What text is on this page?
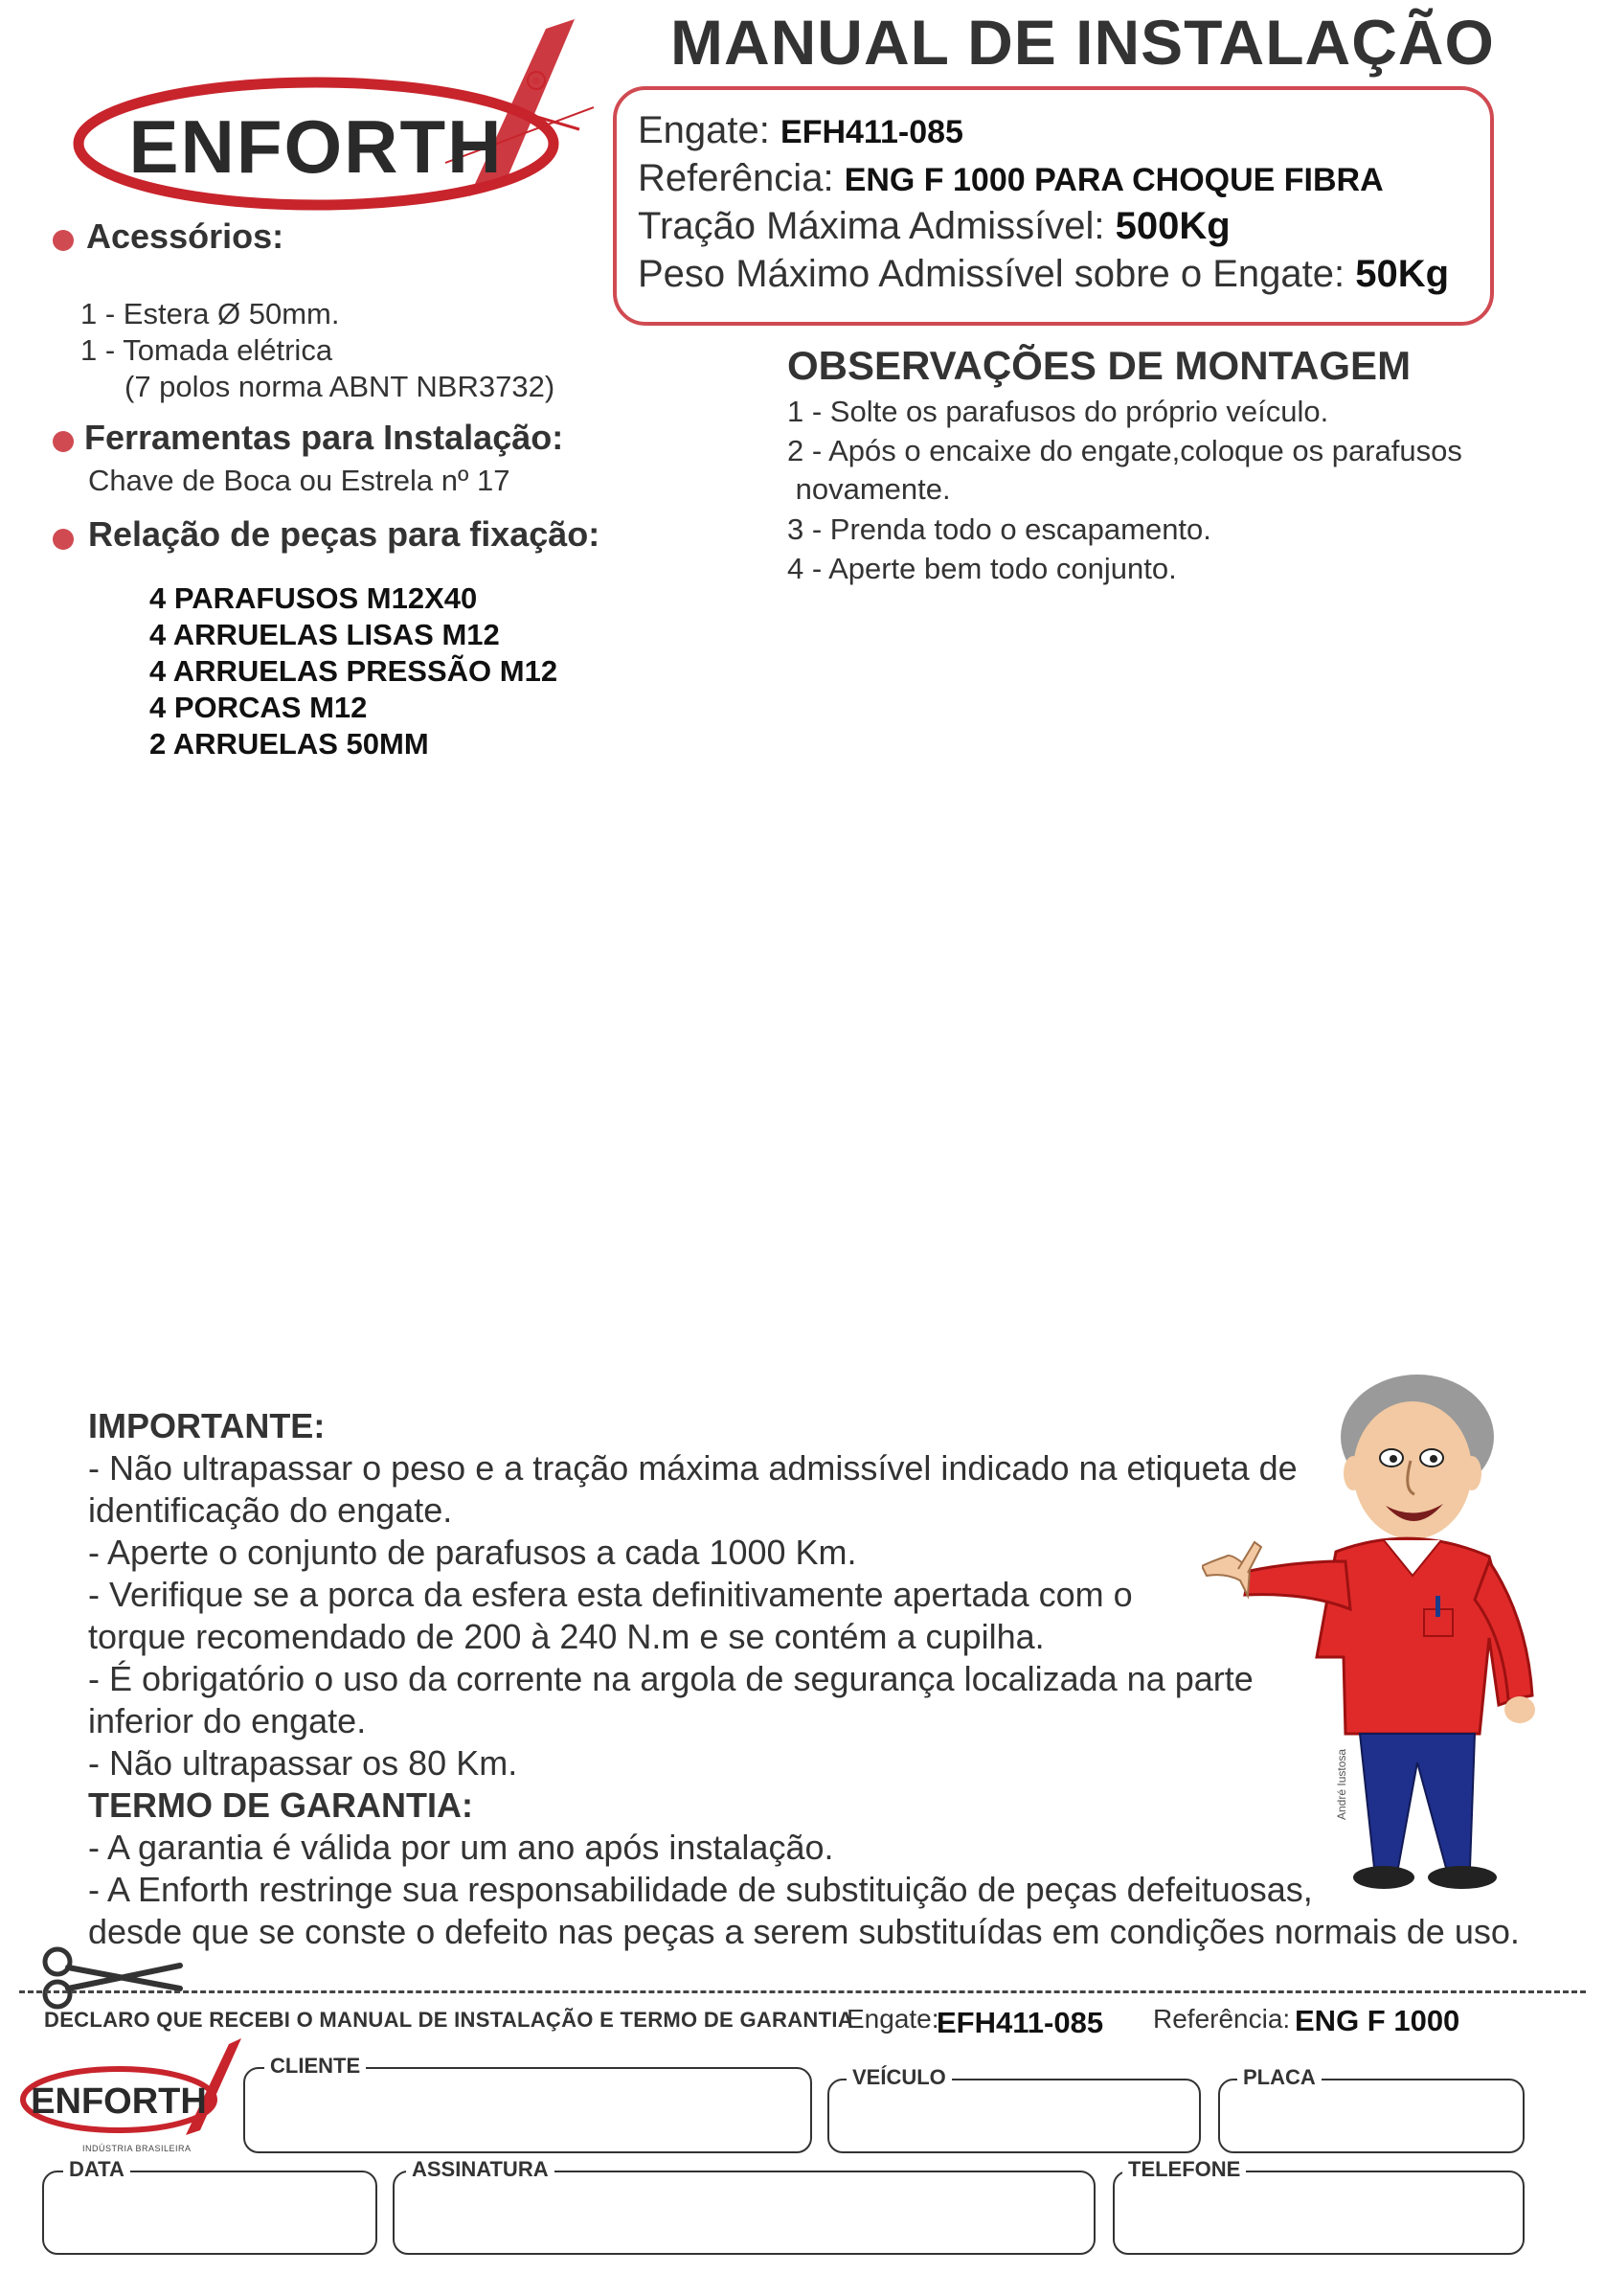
MANUAL DE INSTALAÇÃO
ENFORTH
®
Engate: EFH411-085
Referência: ENG F 1000 PARA CHOQUE FIBRA
Tração Máxima Admissível: 500Kg
Peso Máximo Admissível sobre o Engate: 50Kg
Acessórios:
1 - Estera Ø 50mm.
1 - Tomada elétrica
(7 polos norma ABNT NBR3732)
Ferramentas para Instalação:
Chave de Boca ou Estrela nº 17
Relação de peças para fixação:
4 PARAFUSOS M12X40
4 ARRUELAS LISAS M12
4 ARRUELAS PRESSÃO M12
4 PORCAS M12
2 ARRUELAS 50MM
OBSERVAÇÕES DE MONTAGEM
1 - Solte os parafusos do próprio veículo.
2 - Após o encaixe do engate,coloque os parafusos
novamente.
3 - Prenda todo o escapamento.
4 - Aperte bem todo conjunto.
IMPORTANTE:
- Não ultrapassar o peso e a tração máxima admissível indicado na etiqueta de
identificação do engate.
- Aperte o conjunto de parafusos a cada 1000 Km.
- Verifique se a porca da esfera esta definitivamente apertada com o
torque recomendado de 200 à 240 N.m e se contém a cupilha.
- É obrigatório o uso da corrente na argola de segurança localizada na parte
inferior do engate.
- Não ultrapassar os 80 Km.
TERMO DE GARANTIA:
- A garantia é válida por um ano após instalação.
- A Enforth restringe sua responsabilidade de substituição de peças defeituosas,
desde que se conste o defeito nas peças a serem substituídas em condições normais de uso.
André Iustosa
DECLARO QUE RECEBI O MANUAL DE INSTALAÇÃO E TERMO DE GARANTIA
Engate:
EFH411-085 Referência: ENG F 1000
ENFORTH
INDÚSTRIA BRASILEIRA
CLIENTE	VEÍCULO	PLACA
DATA	ASSINATURA	TELEFONE
